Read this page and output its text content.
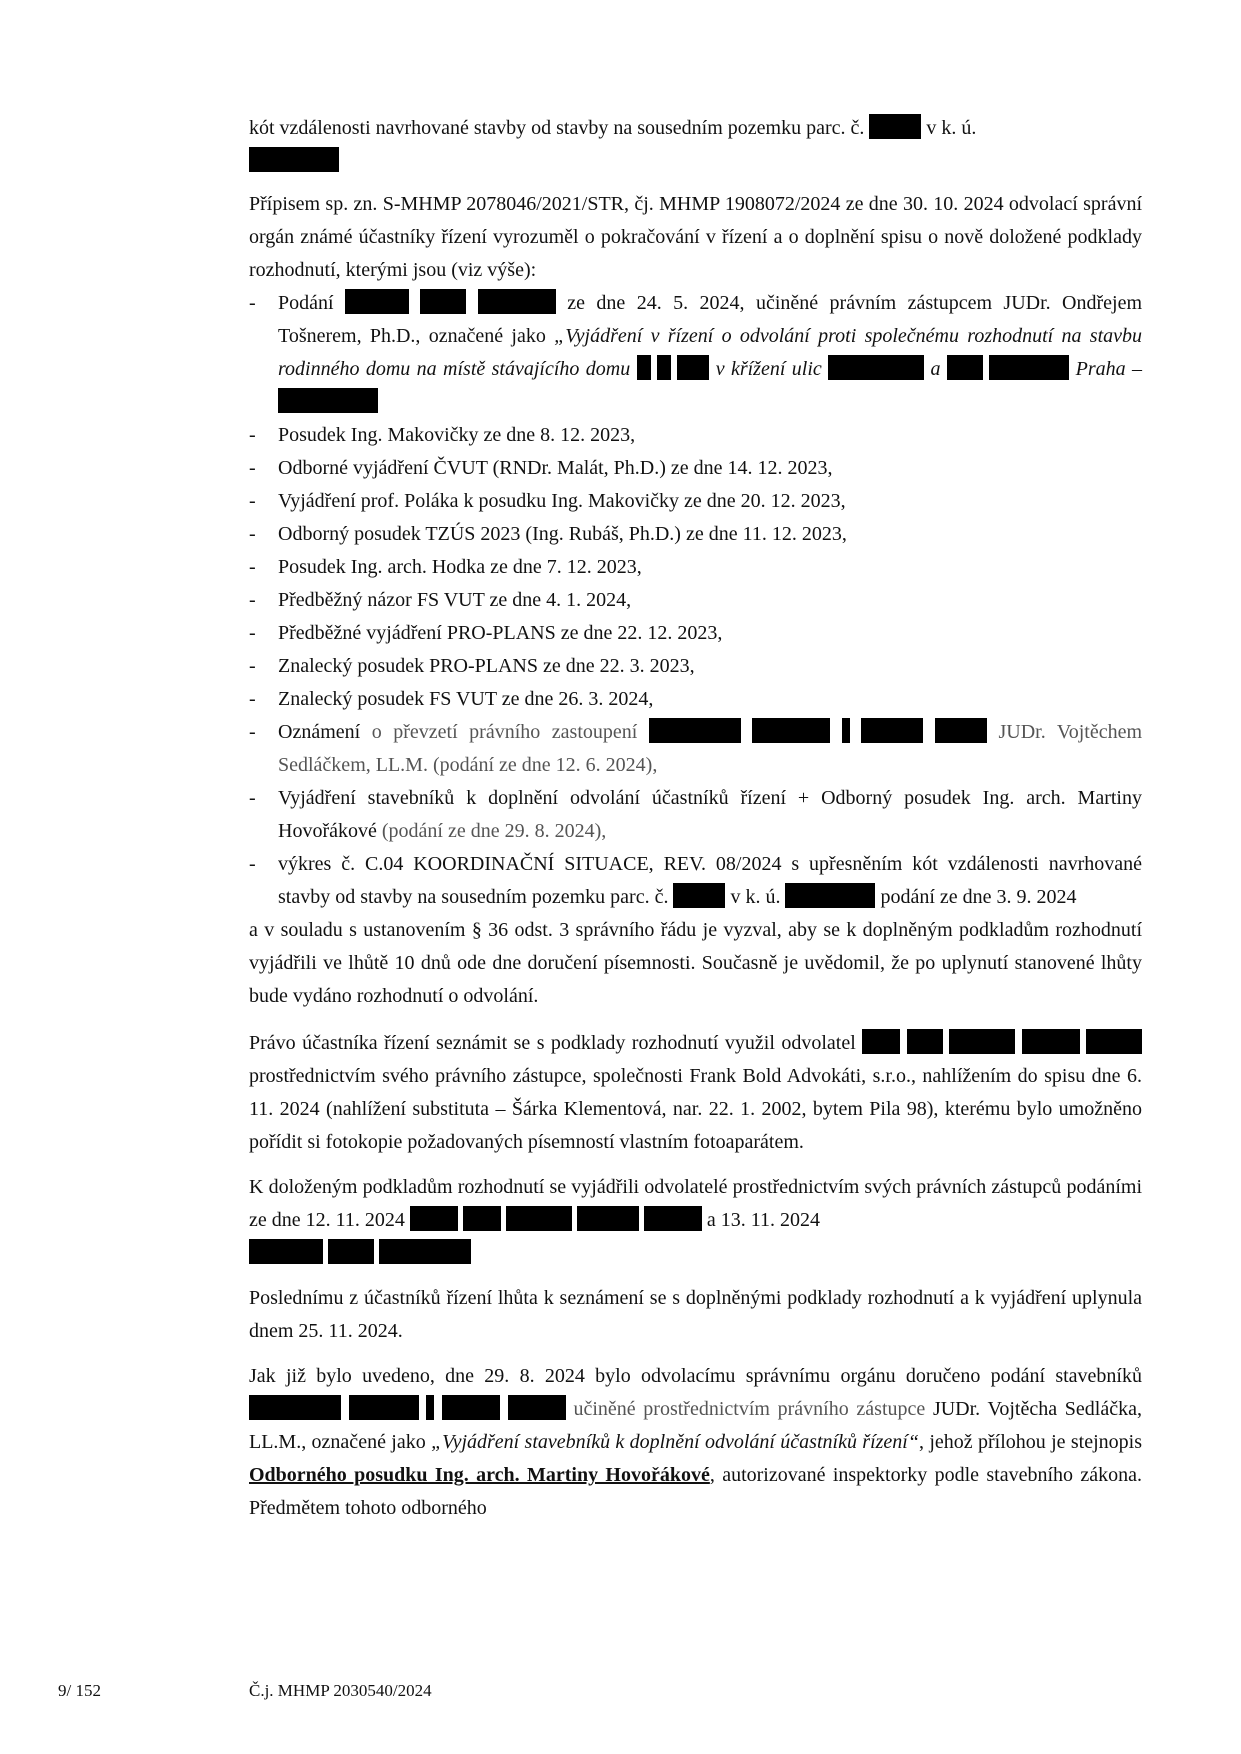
kót vzdálenosti navrhované stavby od stavby na sousedním pozemku parc. č.	v k. ú.

Přípisem sp. zn. S-MHMP 2078046/2021/STR, čj. MHMP 1908072/2024 ze dne 30. 10. 2024 odvolací správní orgán známé účastníky řízení vyrozuměl o pokračování v řízení a o doplnění spisu o nově doložené podklady rozhodnutí, kterými jsou (viz výše):

- Podání	ze dne 24. 5. 2024, učiněné právním zástupcem JUDr. Ondřejem Tošnerem, Ph.D., označené jako „Vyjádření v řízení o odvolání proti společnému rozhodnutí na stavbu rodinného domu na místě stávajícího domu	v křížení ulic	a	Praha –
- Posudek Ing. Makovičky ze dne 8. 12. 2023,
- Odborné vyjádření ČVUT (RNDr. Malát, Ph.D.) ze dne 14. 12. 2023,
- Vyjádření prof. Poláka k posudku Ing. Makovičky ze dne 20. 12. 2023,
- Odborný posudek TZÚS 2023 (Ing. Rubáš, Ph.D.) ze dne 11. 12. 2023,
- Posudek Ing. arch. Hodka ze dne 7. 12. 2023,
- Předběžný názor FS VUT ze dne 4. 1. 2024,
- Předběžné vyjádření PRO-PLANS ze dne 22. 12. 2023,
- Znalecký posudek PRO-PLANS ze dne 22. 3. 2023,
- Znalecký posudek FS VUT ze dne 26. 3. 2024,
- Oznámení o převzetí právního zastoupení	JUDr. Vojtěchem Sedláčkem, LL.M. (podání ze dne 12. 6. 2024),
- Vyjádření stavebníků k doplnění odvolání účastníků řízení + Odborný posudek Ing. arch. Martiny Hovořákové (podání ze dne 29. 8. 2024),
- výkres č. C.04 KOORDINAČNÍ SITUACE, REV. 08/2024 s upřesněním kót vzdálenosti navrhované stavby od stavby na sousedním pozemku parc. č.	v k. ú.	podání ze dne 3. 9. 2024

a v souladu s ustanovením § 36 odst. 3 správního řádu je vyzval, aby se k doplněným podkladům rozhodnutí vyjádřili ve lhůtě 10 dnů ode dne doručení písemnosti. Současně je uvědomil, že po uplynutí stanovené lhůty bude vydáno rozhodnutí o odvolání.

Právo účastníka řízení seznámit se s podklady rozhodnutí využil odvolatel      prostřednictvím svého právního zástupce, společnosti Frank Bold Advokáti, s.r.o., nahlížením do spisu dne 6. 11. 2024 (nahlížení substituta – Šárka Klementová, nar. 22. 1. 2002, bytem Pila 98), kterému bylo umožněno pořídit si fotokopie požadovaných písemností vlastním fotoaparátem.

K doloženým podkladům rozhodnutí se vyjádřili odvolatelé prostřednictvím svých právních zástupců podáními ze dne 12. 11. 2024	a 13. 11. 2024

Poslednímu z účastníků řízení lhůta k seznámení se s doplněnými podklady rozhodnutí a k vyjádření uplynula dnem 25. 11. 2024.

Jak již bylo uvedeno, dne 29. 8. 2024 bylo odvolacímu správnímu orgánu doručeno podání stavebníků      učiněné prostřednictvím právního zástupce JUDr. Vojtěcha Sedláčka, LL.M., označené jako „Vyjádření stavebníků k doplnění odvolání účastníků řízení“, jehož přílohou je stejnopis Odborného posudku Ing. arch. Martiny Hovořákové, autorizované inspektorky podle stavebního zákona. Předmětem tohoto odborného

9/ 152	Č.j. MHMP 2030540/2024
